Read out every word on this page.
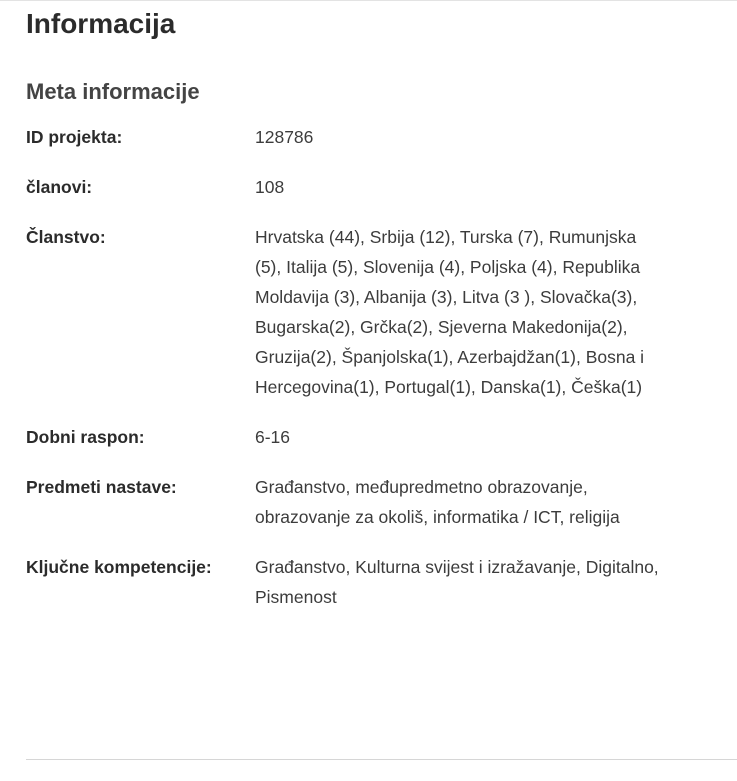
Informacija
Meta informacije
ID projekta:	128786
članovi:	108
Članstvo:	Hrvatska (44), Srbija (12), Turska (7), Rumunjska (5), Italija (5), Slovenija (4), Poljska (4), Republika Moldavija (3), Albanija (3), Litva (3 ), Slovačka(3), Bugarska(2), Grčka(2), Sjeverna Makedonija(2), Gruzija(2), Španjolska(1), Azerbajdžan(1), Bosna i Hercegovina(1), Portugal(1), Danska(1), Češka(1)
Dobni raspon:	6-16
Predmeti nastave:	Građanstvo, međupredmetno obrazovanje, obrazovanje za okoliš, informatika / ICT, religija
Ključne kompetencije:	Građanstvo, Kulturna svijest i izražavanje, Digitalno, Pismenost
